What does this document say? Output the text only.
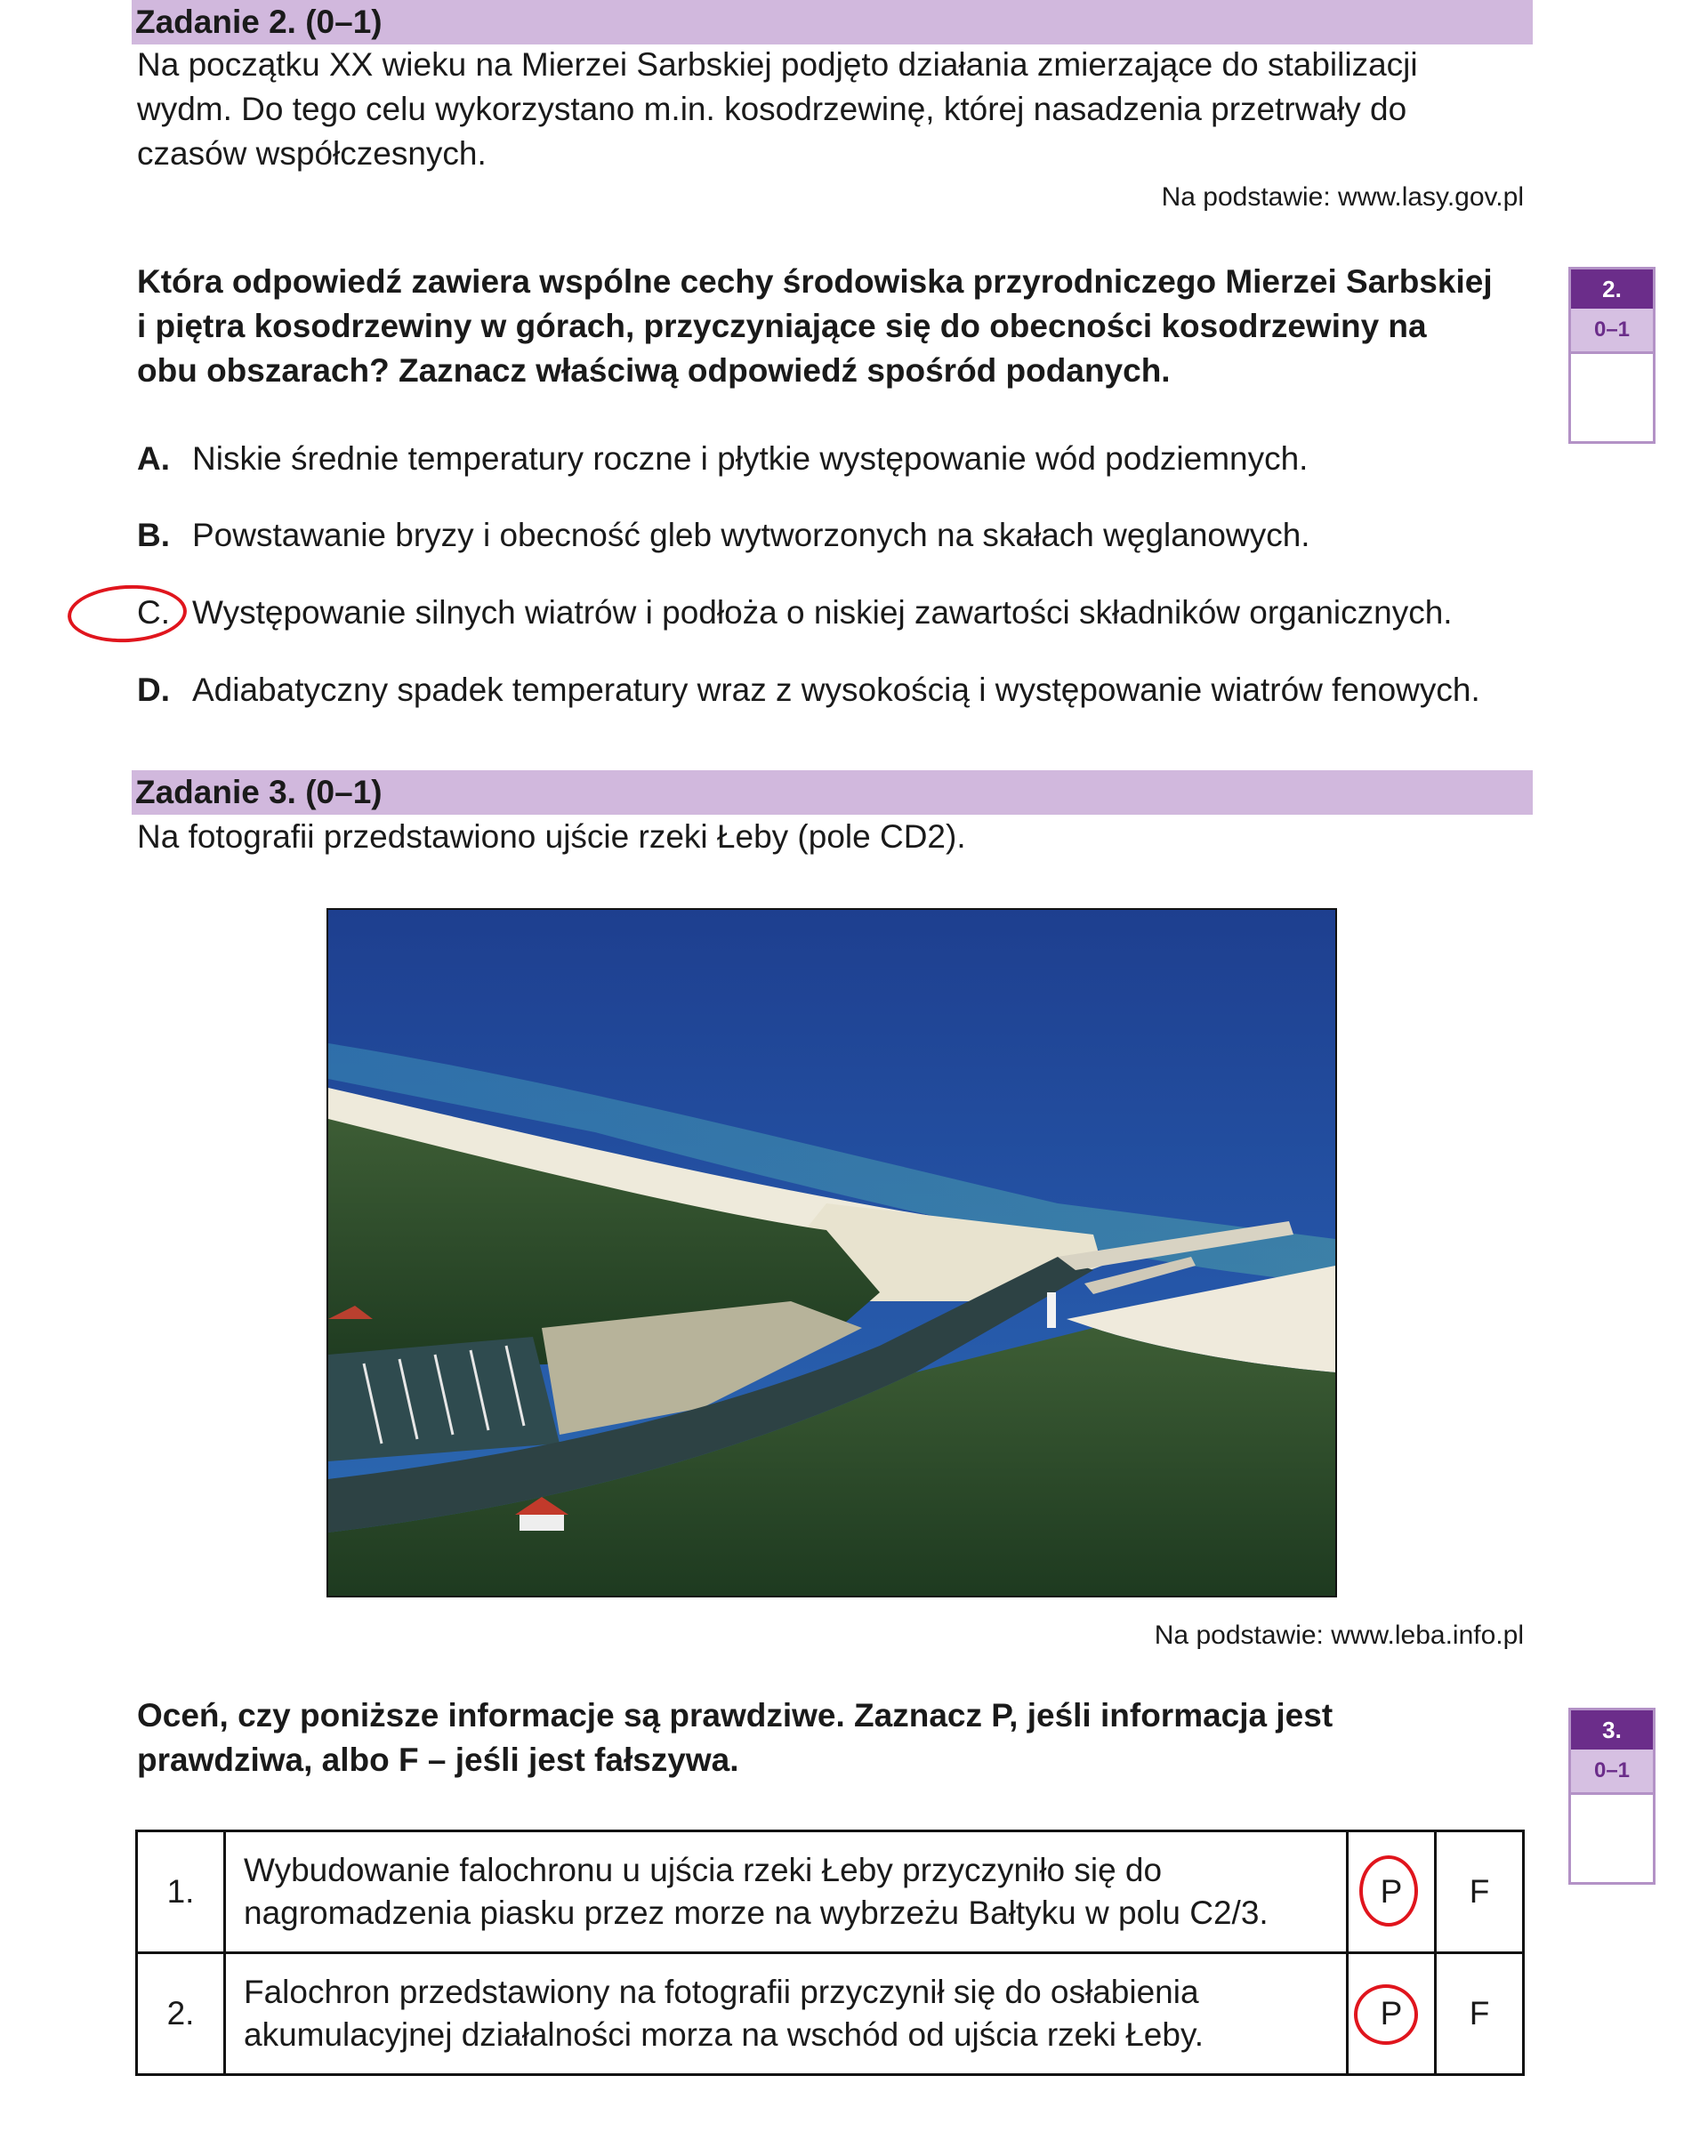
Zadanie 2. (0–1)
Na początku XX wieku na Mierzei Sarbskiej podjęto działania zmierzające do stabilizacji
wydm. Do tego celu wykorzystano m.in. kosodrzewinę, której nasadzenia przetrwały do
czasów współczesnych.
Na podstawie: www.lasy.gov.pl
Która odpowiedź zawiera wspólne cechy środowiska przyrodniczego Mierzei Sarbskiej
i piętra kosodrzewiny w górach, przyczyniające się do obecności kosodrzewiny na
obu obszarach? Zaznacz właściwą odpowiedź spośród podanych.
2.
0–1
A. Niskie średnie temperatury roczne i płytkie występowanie wód podziemnych.
B. Powstawanie bryzy i obecność gleb wytworzonych na skałach węglanowych.
C. Występowanie silnych wiatrów i podłoża o niskiej zawartości składników organicznych.
D. Adiabatyczny spadek temperatury wraz z wysokością i występowanie wiatrów fenowych.
Zadanie 3. (0–1)
Na fotografii przedstawiono ujście rzeki Łeby (pole CD2).
Na podstawie: www.leba.info.pl
Oceń, czy poniższe informacje są prawdziwe. Zaznacz P, jeśli informacja jest
prawdziwa, albo F – jeśli jest fałszywa.
3.
0–1
1.	Wybudowanie falochronu u ujścia rzeki Łeby przyczyniło się do
nagromadzenia piasku przez morze na wybrzeżu Bałtyku w polu C2/3.	P	F
2.	Falochron przedstawiony na fotografii przyczynił się do osłabienia
akumulacyjnej działalności morza na wschód od ujścia rzeki Łeby.	P	F
